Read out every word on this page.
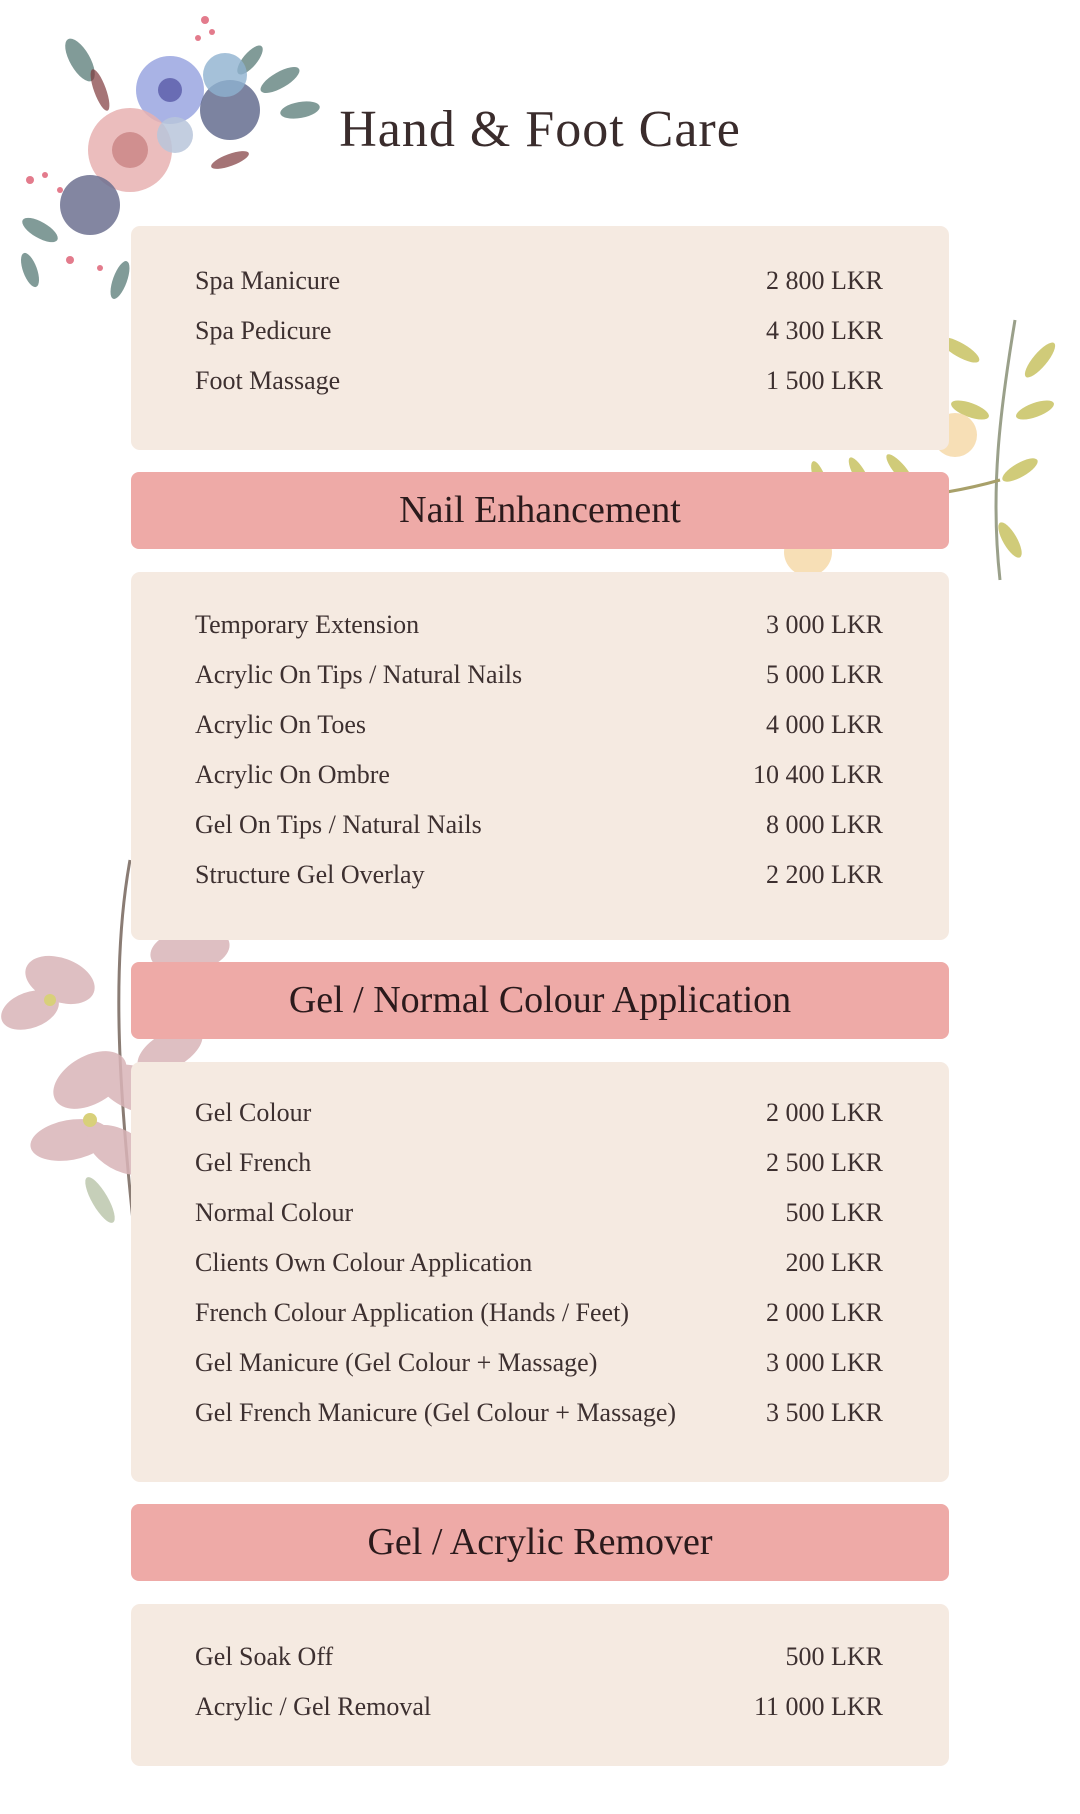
Hand & Foot Care
Spa Manicure	2 800 LKR
Spa Pedicure	4 300 LKR
Foot Massage	1 500 LKR
Nail Enhancement
Temporary Extension	3 000 LKR
Acrylic On Tips / Natural Nails	5 000 LKR
Acrylic On Toes	4 000 LKR
Acrylic On Ombre	10 400 LKR
Gel On Tips / Natural Nails	8 000 LKR
Structure Gel Overlay	2 200 LKR
Gel / Normal Colour Application
Gel Colour	2 000 LKR
Gel French	2 500 LKR
Normal Colour	500 LKR
Clients Own Colour Application	200 LKR
French Colour Application (Hands / Feet)	2 000 LKR
Gel Manicure (Gel Colour + Massage)	3 000 LKR
Gel French Manicure (Gel Colour + Massage)	3 500 LKR
Gel / Acrylic Remover
Gel Soak Off	500 LKR
Acrylic / Gel Removal	11 000 LKR
